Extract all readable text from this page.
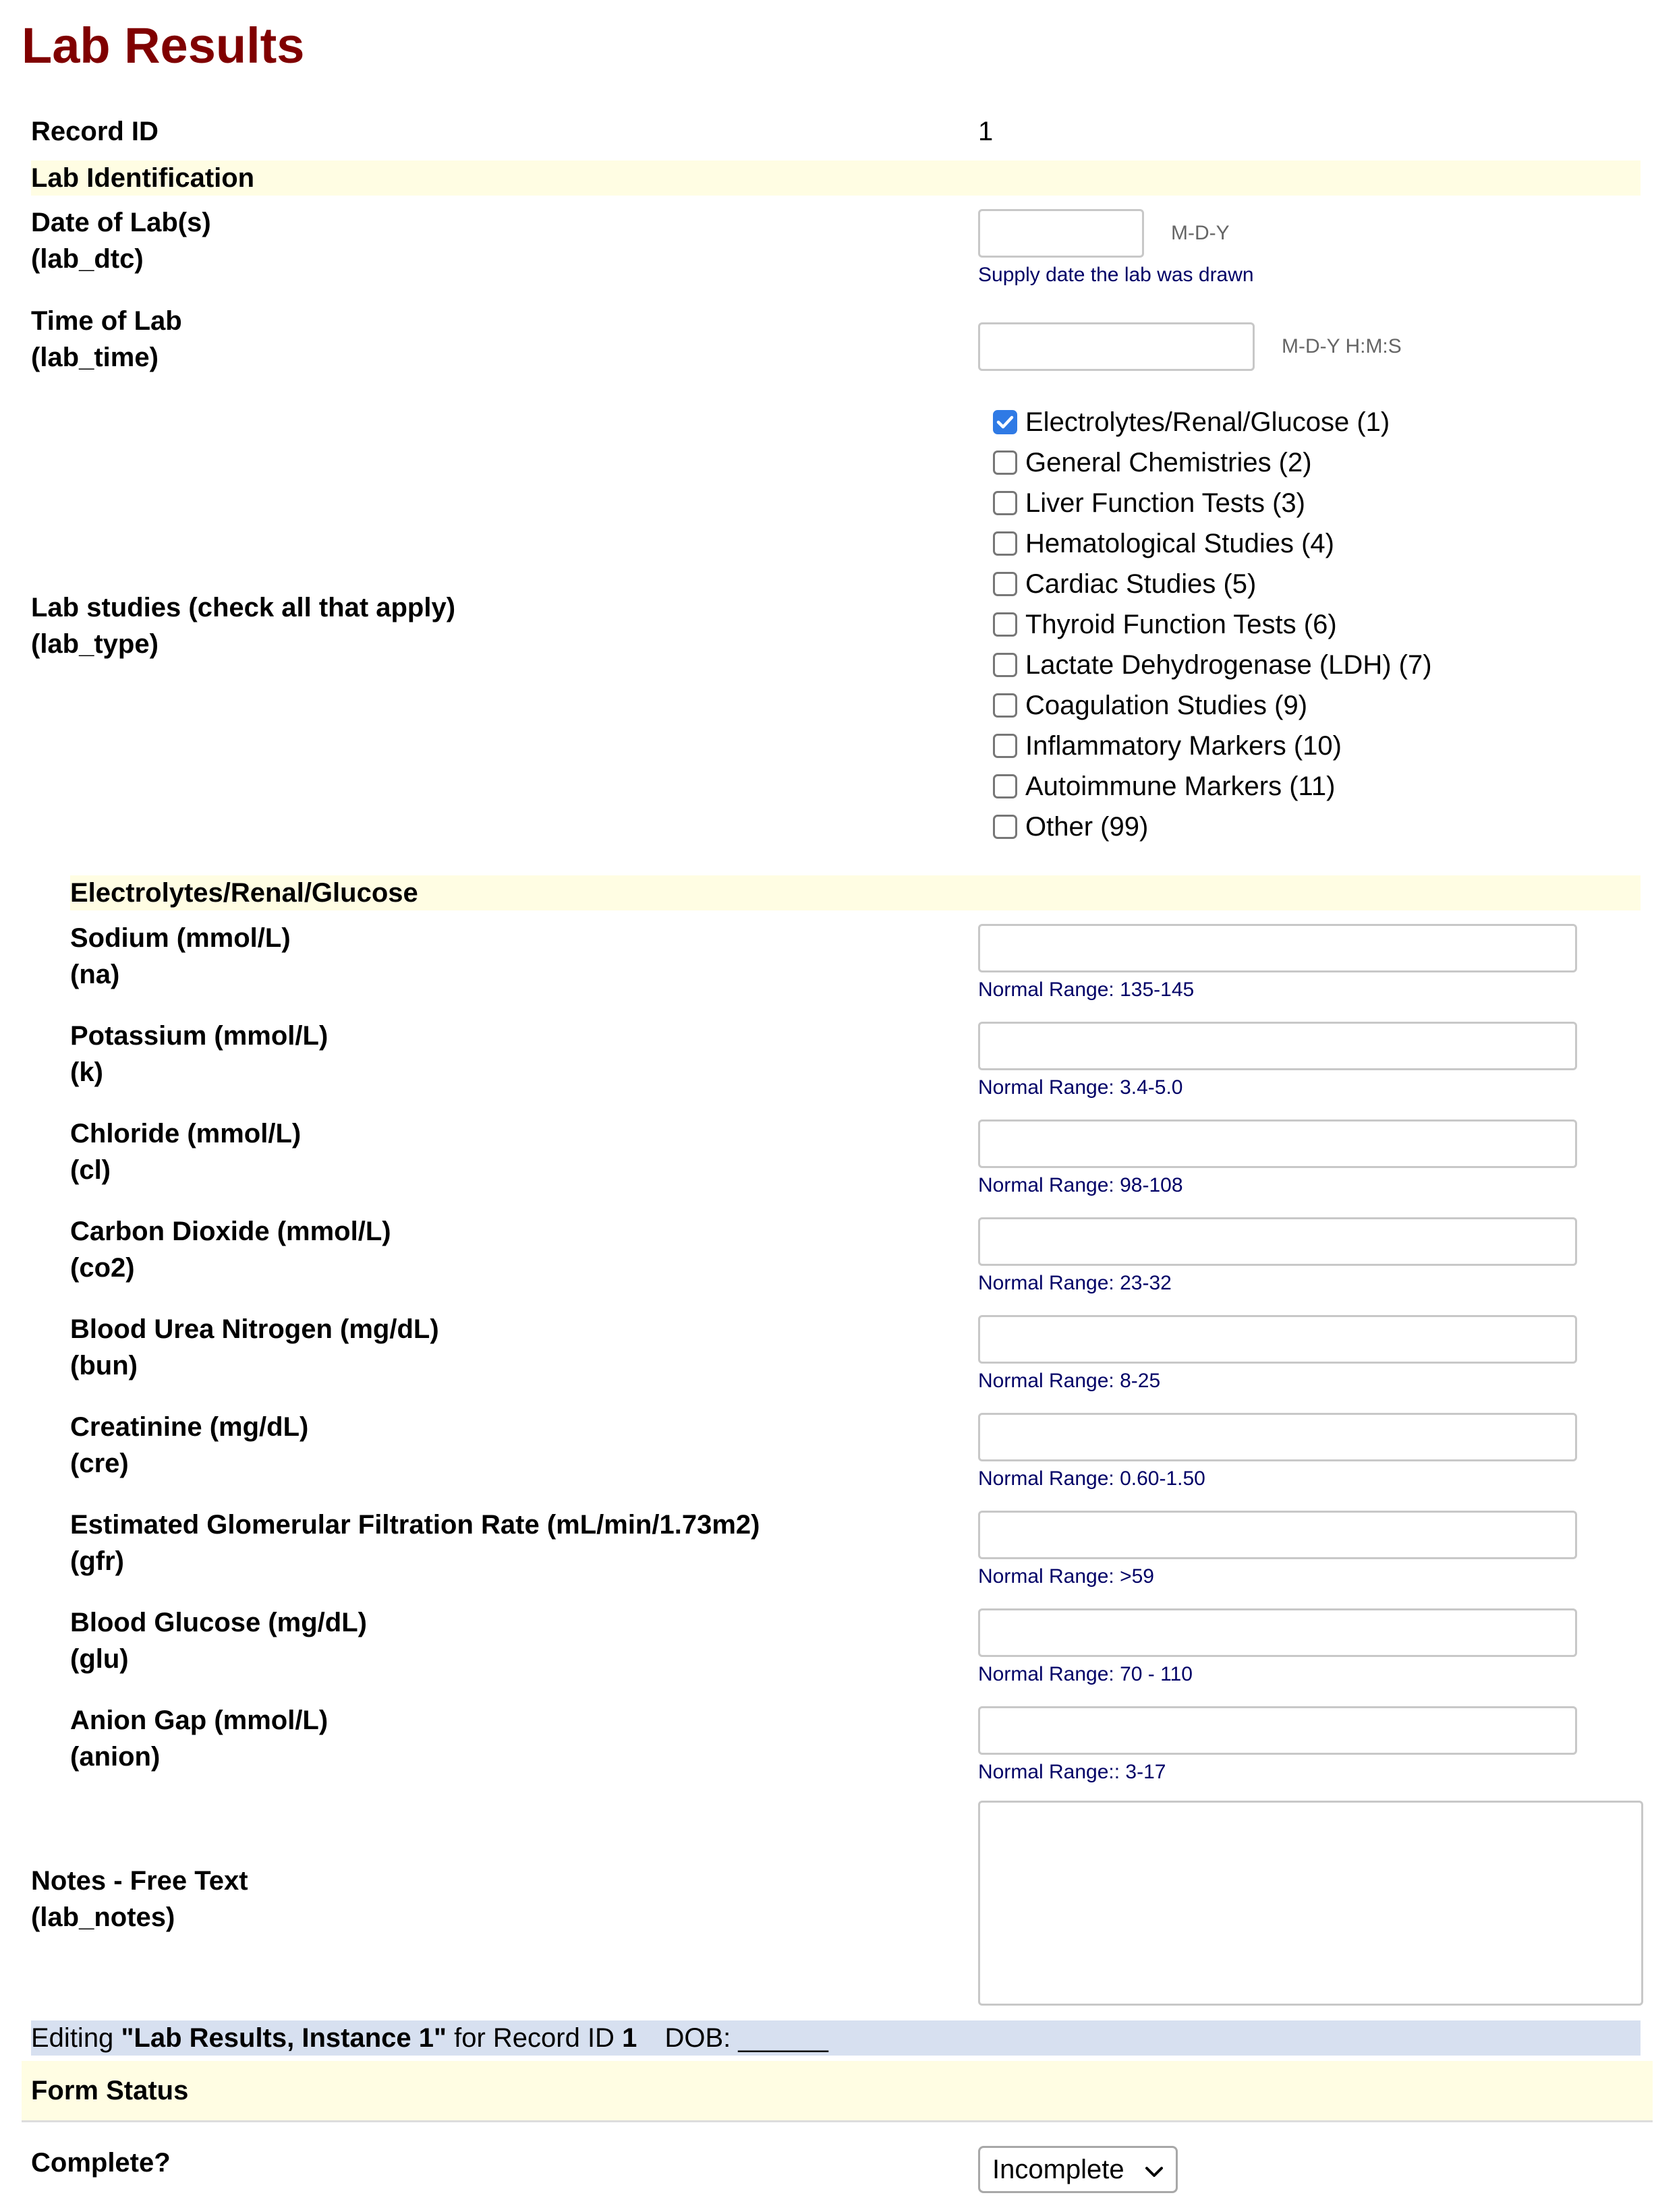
Lab Results
Record ID	1
Lab Identification
Date of Lab(s)
(lab_dtc)
M-D-Y
Supply date the lab was drawn
Time of Lab
(lab_time)	M-D-Y H:M:S
Lab studies (check all that apply)
(lab_type)
Electrolytes/Renal/Glucose (1)
General Chemistries (2)
Liver Function Tests (3)
Hematological Studies (4)
Cardiac Studies (5)
Thyroid Function Tests (6)
Lactate Dehydrogenase (LDH) (7)
Coagulation Studies (9)
Inflammatory Markers (10)
Autoimmune Markers (11)
Other (99)
Electrolytes/Renal/Glucose
Sodium (mmol/L)
(na)
Normal Range: 135-145
Potassium (mmol/L)
(k)
Normal Range: 3.4-5.0
Chloride (mmol/L)
(cl)
Normal Range: 98-108
Carbon Dioxide (mmol/L)
(co2)
Normal Range: 23-32
Blood Urea Nitrogen (mg/dL)
(bun)
Normal Range: 8-25
Creatinine (mg/dL)
(cre)
Normal Range: 0.60-1.50
Estimated Glomerular Filtration Rate (mL/min/1.73m2)
(gfr)
Normal Range: >59
Blood Glucose (mg/dL)
(glu)
Normal Range: 70 - 110
Anion Gap (mmol/L)
(anion)
Normal Range:: 3-17
Notes - Free Text
(lab_notes)
Editing "Lab Results, Instance 1" for Record ID 1 DOB: ______
Form Status
Complete?	Incomplete
